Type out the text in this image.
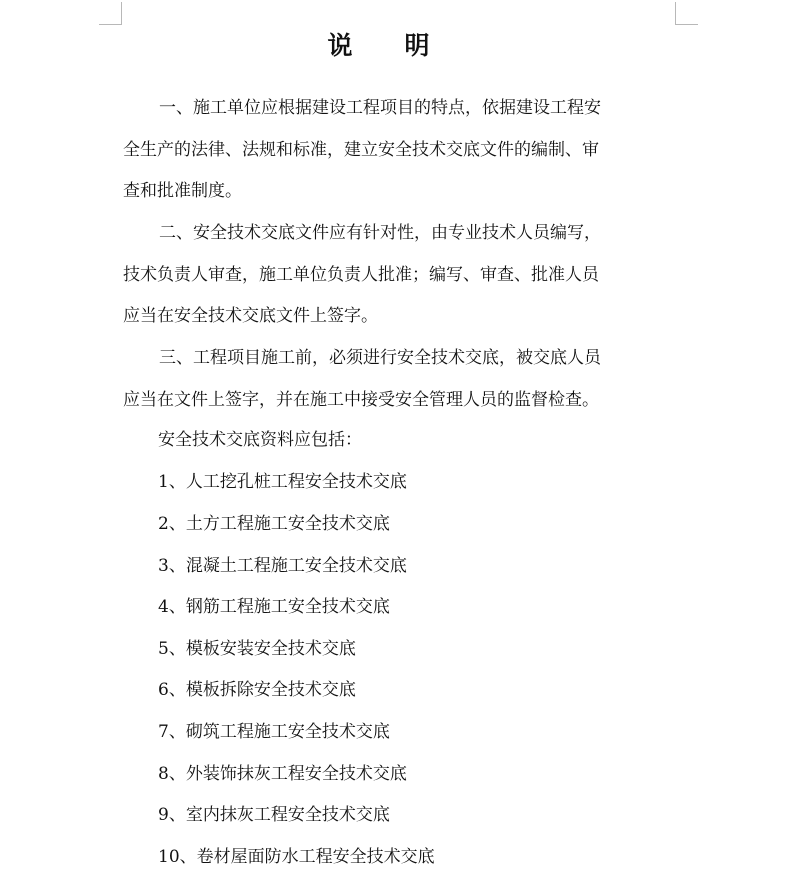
说 明
一、施工单位应根据建设工程项目的特点，依据建设工程安
全生产的法律、法规和标准，建立安全技术交底文件的编制、审
查和批准制度。
二、安全技术交底文件应有针对性，由专业技术人员编写，
技术负责人审查，施工单位负责人批准；编写、审查、批准人员
应当在安全技术交底文件上签字。
三、工程项目施工前，必须进行安全技术交底，被交底人员
应当在文件上签字，并在施工中接受安全管理人员的监督检查。
安全技术交底资料应包括：
1、人工挖孔桩工程安全技术交底
2、土方工程施工安全技术交底
3、混凝土工程施工安全技术交底
4、钢筋工程施工安全技术交底
5、模板安装安全技术交底
6、模板拆除安全技术交底
7、砌筑工程施工安全技术交底
8、外装饰抹灰工程安全技术交底
9、室内抹灰工程安全技术交底
10、卷材屋面防水工程安全技术交底
